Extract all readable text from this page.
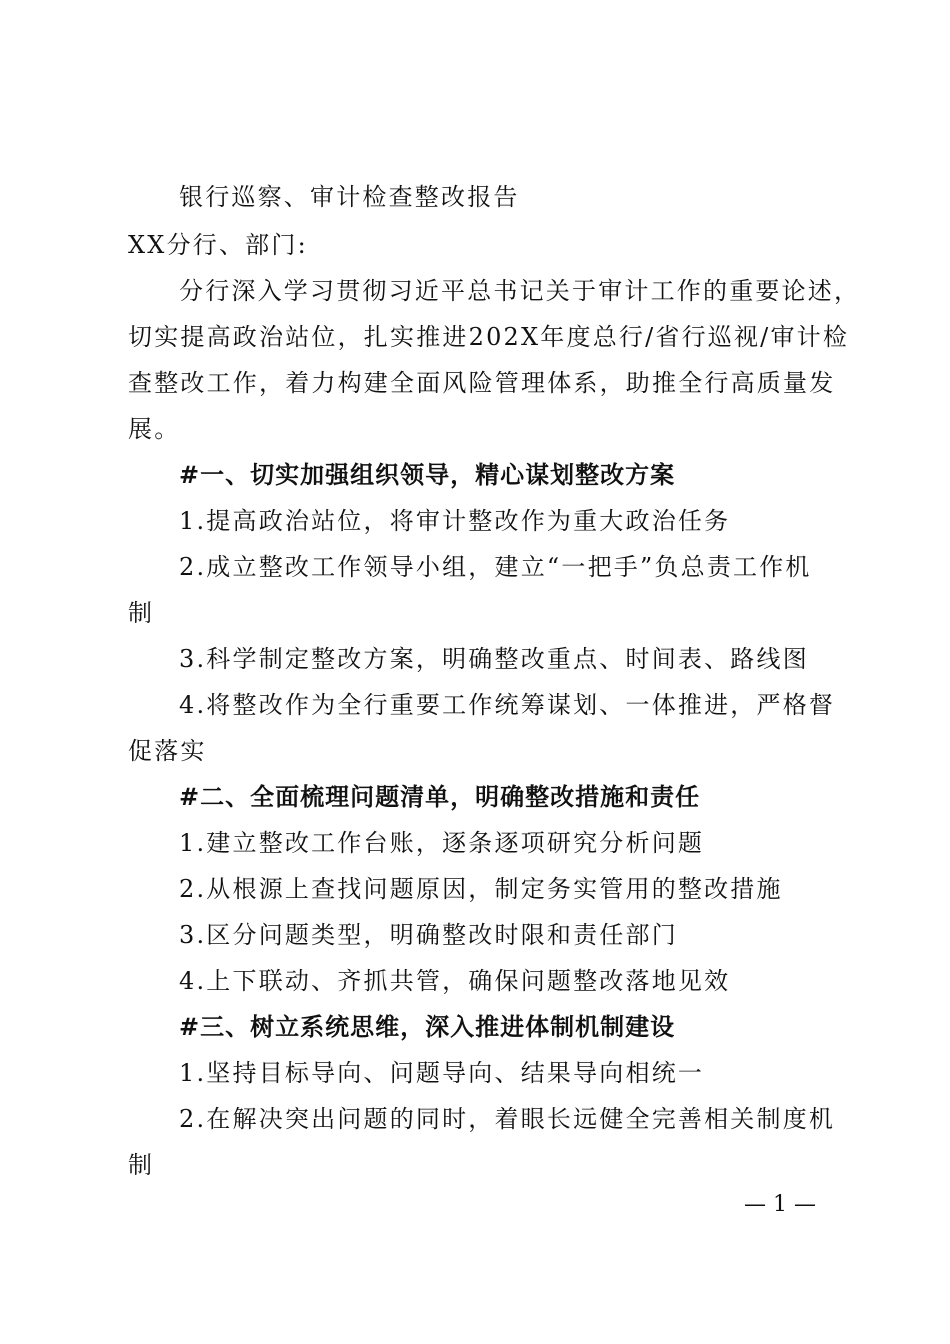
银行巡察、审计检查整改报告
XX分行、部门:
分行深入学习贯彻习近平总书记关于审计工作的重要论述，
切实提高政治站位，扎实推进202X年度总行/省行巡视/审计检
查整改工作，着力构建全面风险管理体系，助推全行高质量发
展。
#一、切实加强组织领导，精心谋划整改方案
1.提高政治站位，将审计整改作为重大政治任务
2.成立整改工作领导小组，建立“一把手”负总责工作机
制
3.科学制定整改方案，明确整改重点、时间表、路线图
4.将整改作为全行重要工作统筹谋划、一体推进，严格督
促落实
#二、全面梳理问题清单，明确整改措施和责任
1.建立整改工作台账，逐条逐项研究分析问题
2.从根源上查找问题原因，制定务实管用的整改措施
3.区分问题类型，明确整改时限和责任部门
4.上下联动、齐抓共管，确保问题整改落地见效
#三、树立系统思维，深入推进体制机制建设
1.坚持目标导向、问题导向、结果导向相统一
2.在解决突出问题的同时，着眼长远健全完善相关制度机
制
— 1 —
